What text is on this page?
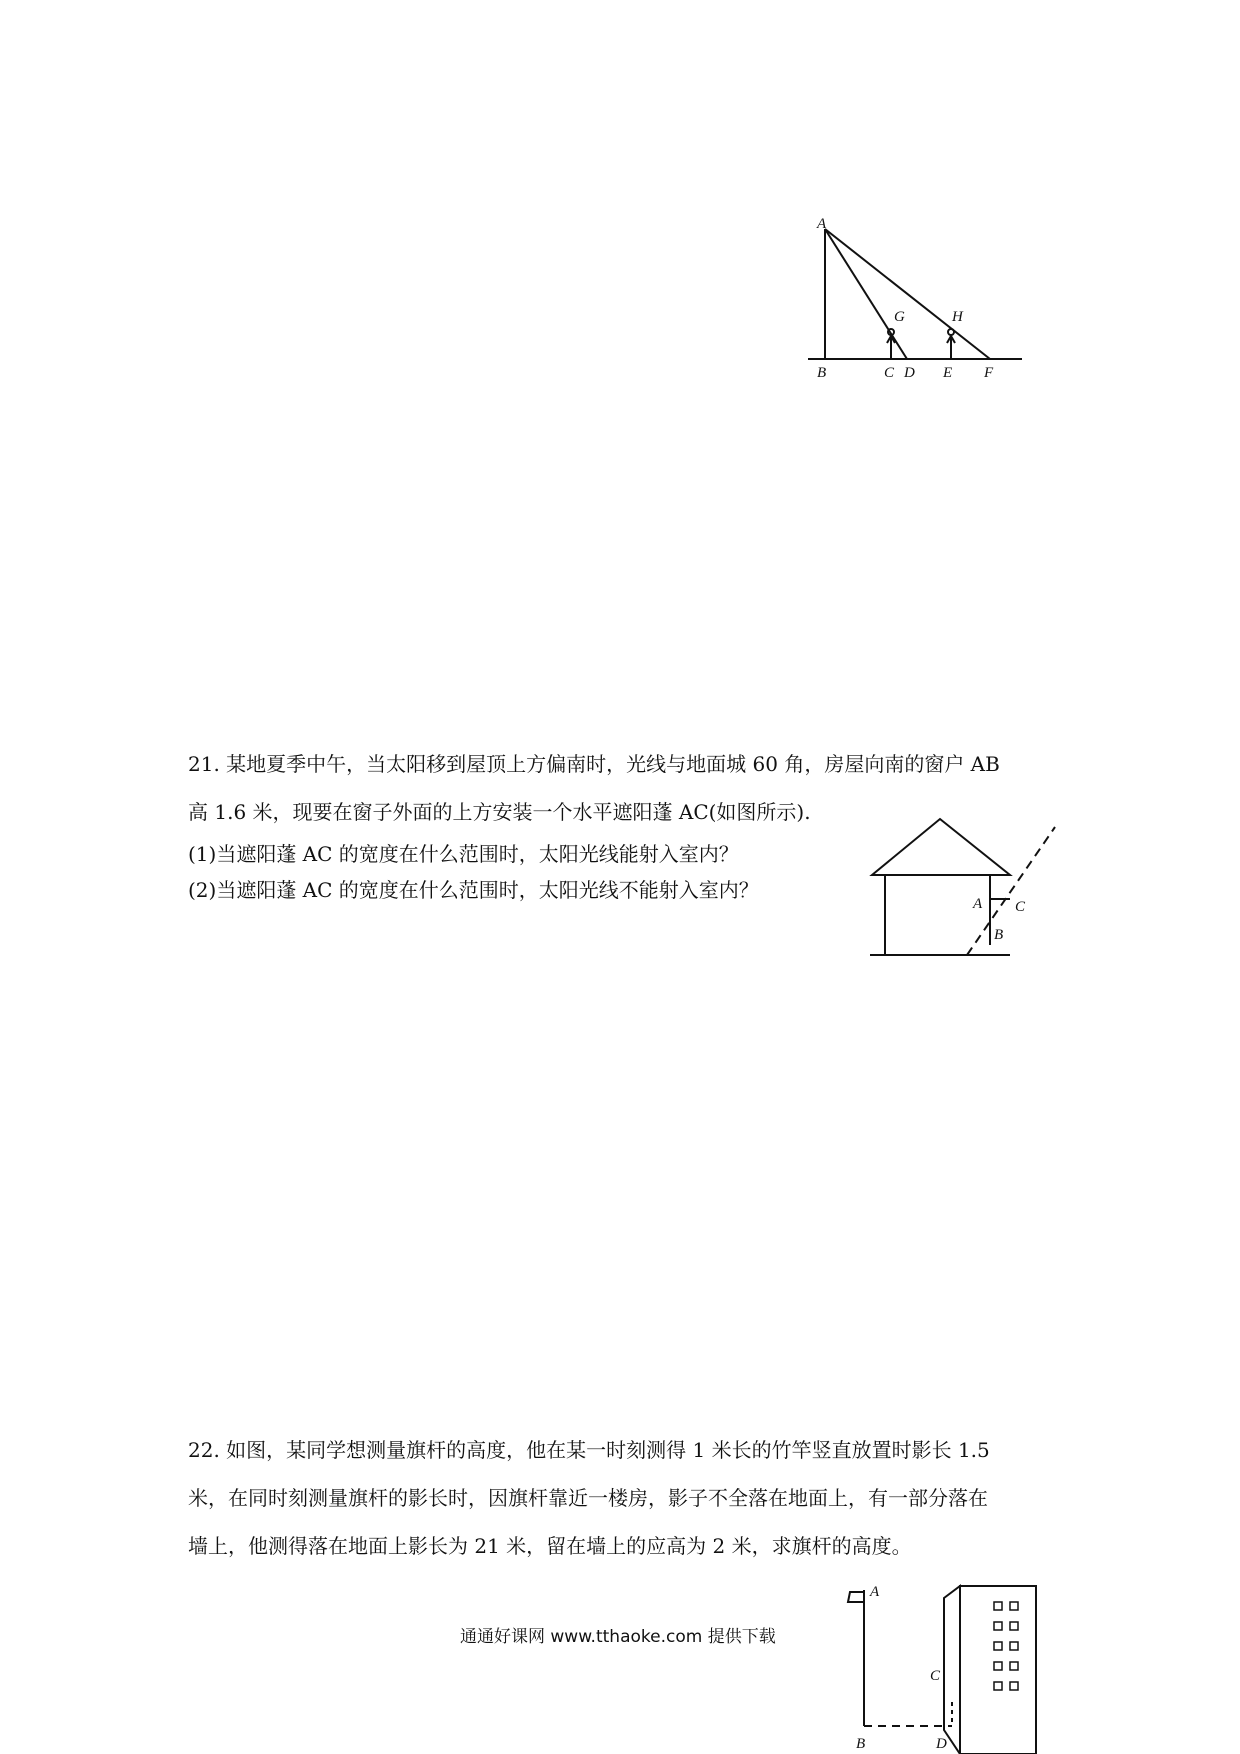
A
B	C D E F
G	H

21. 某地夏季中午，当太阳移到屋顶上方偏南时，光线与地面城 60 角，房屋向南的窗户 AB

高 1.6 米，现要在窗子外面的上方安装一个水平遮阳蓬 AC(如图所示).

(1)当遮阳蓬 AC 的宽度在什么范围时，太阳光线能射入室内？

(2)当遮阳蓬 AC 的宽度在什么范围时，太阳光线不能射入室内？

A C
B

22. 如图，某同学想测量旗杆的高度，他在某一时刻测得 1 米长的竹竿竖直放置时影长 1.5

米，在同时刻测量旗杆的影长时，因旗杆靠近一楼房，影子不全落在地面上，有一部分落在

墙上，他测得落在地面上影长为 21 米，留在墙上的应高为 2 米，求旗杆的高度。

A
B
C
D
通通好课网 www.tthaoke.com 提供下载
